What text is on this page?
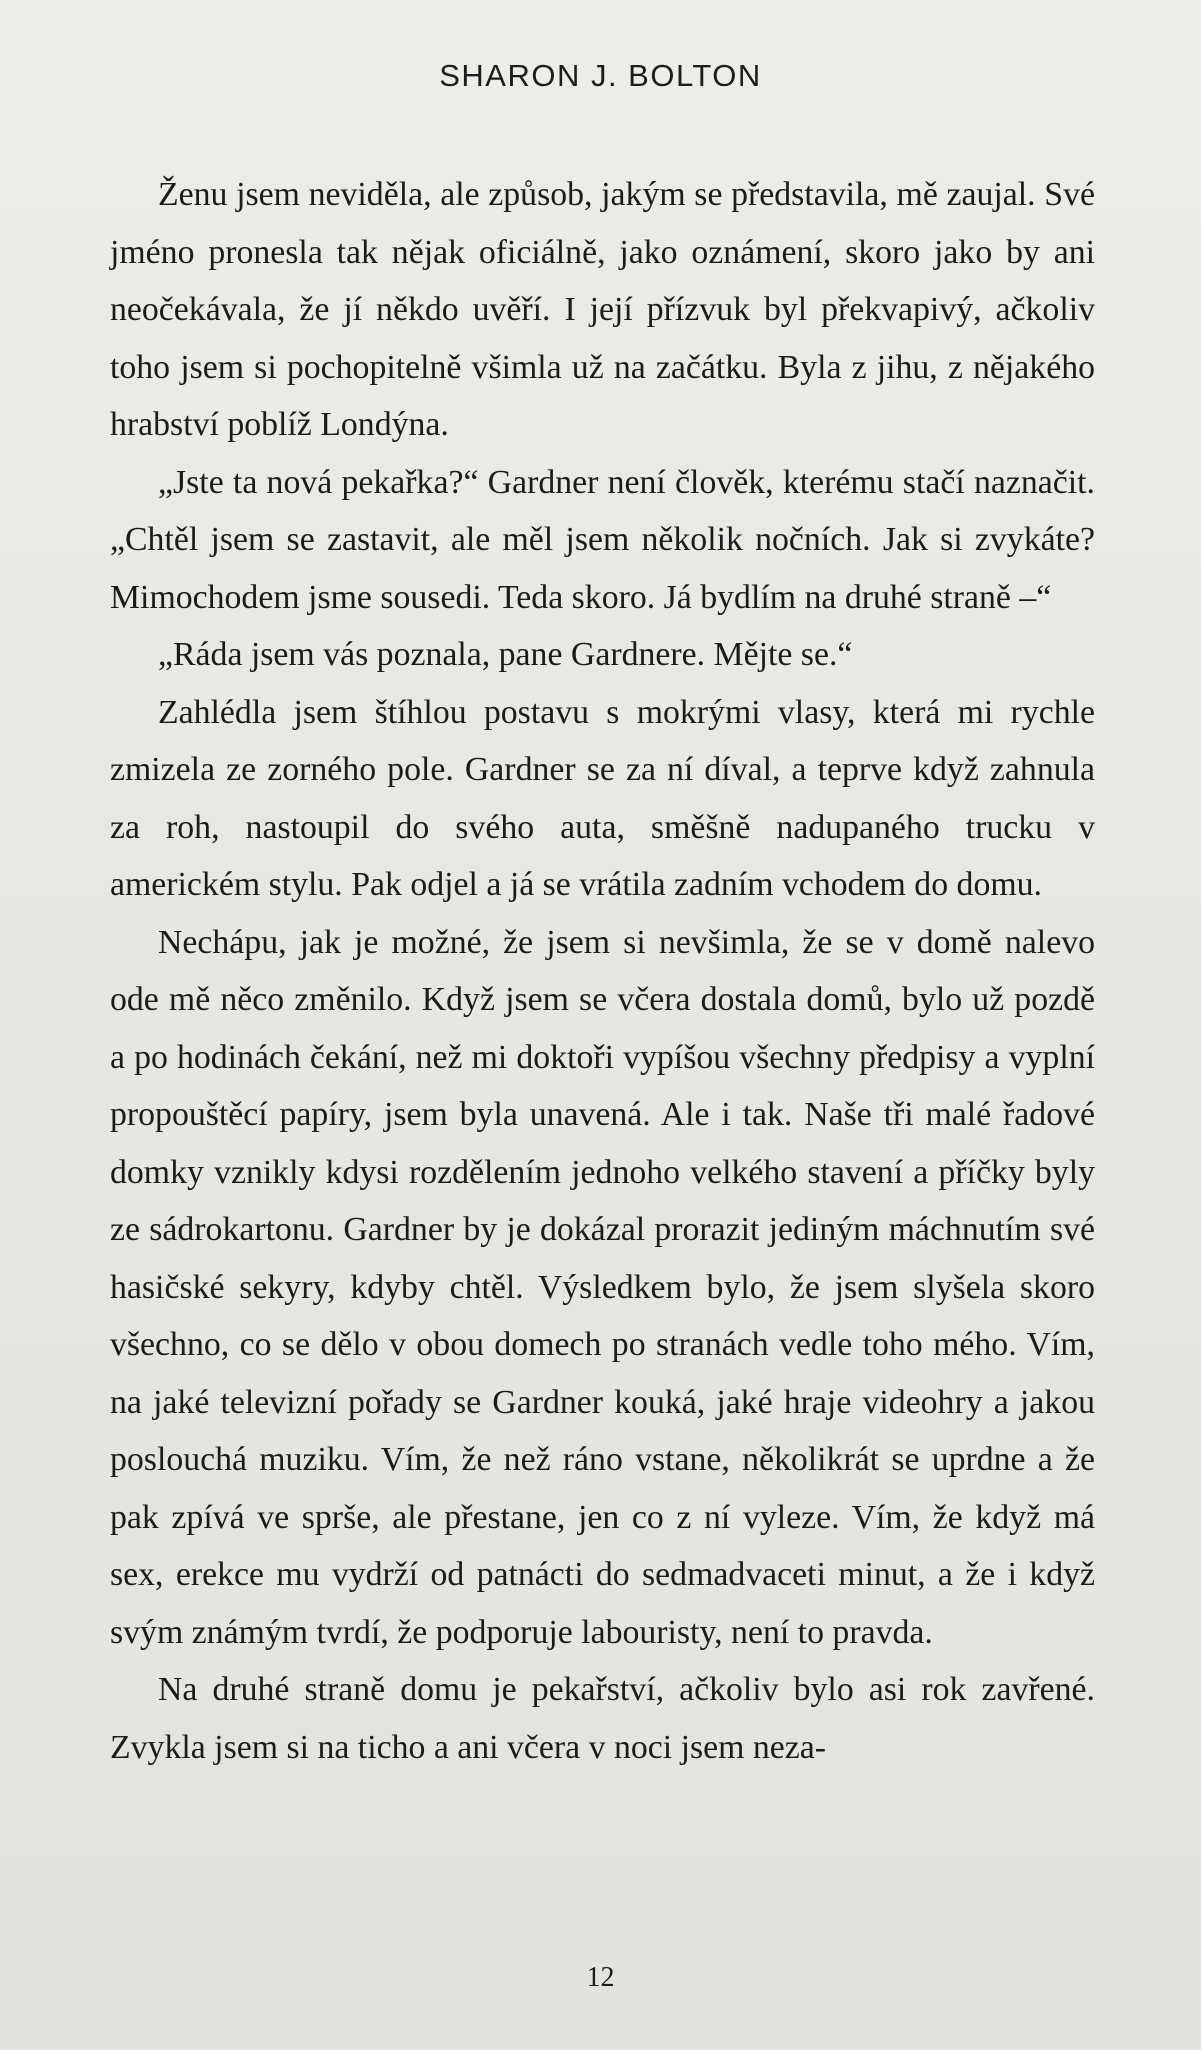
SHARON J. BOLTON

Ženu jsem neviděla, ale způsob, jakým se představila, mě zaujal. Své jméno pronesla tak nějak oficiálně, jako oznámení, skoro jako by ani neočekávala, že jí někdo uvěří. I její přízvuk byl překvapivý, ačkoliv toho jsem si pochopitelně všimla už na začátku. Byla z jihu, z nějakého hrabství poblíž Londýna.

„Jste ta nová pekařka?“ Gardner není člověk, kterému stačí naznačit. „Chtěl jsem se zastavit, ale měl jsem několik nočních. Jak si zvykáte? Mimochodem jsme sousedi. Teda skoro. Já bydlím na druhé straně –“

„Ráda jsem vás poznala, pane Gardnere. Mějte se.“

Zahlédla jsem štíhlou postavu s mokrými vlasy, která mi rychle zmizela ze zorného pole. Gardner se za ní díval, a teprve když zahnula za roh, nastoupil do svého auta, směšně nadupaného trucku v americkém stylu. Pak odjel a já se vrátila zadním vchodem do domu.

Nechápu, jak je možné, že jsem si nevšimla, že se v domě nalevo ode mě něco změnilo. Když jsem se včera dostala domů, bylo už pozdě a po hodinách čekání, než mi doktoři vypíšou všechny předpisy a vyplní propouštěcí papíry, jsem byla unavená. Ale i tak. Naše tři malé řadové domky vznikly kdysi rozdělením jednoho velkého stavení a příčky byly ze sádrokartonu. Gardner by je dokázal prorazit jediným máchnutím své hasičské sekyry, kdyby chtěl. Výsledkem bylo, že jsem slyšela skoro všechno, co se dělo v obou domech po stranách vedle toho mého. Vím, na jaké televizní pořady se Gardner kouká, jaké hraje videohry a jakou poslouchá muziku. Vím, že než ráno vstane, několikrát se uprdne a že pak zpívá ve sprše, ale přestane, jen co z ní vyleze. Vím, že když má sex, erekce mu vydrží od patnácti do sedmadvaceti minut, a že i když svým známým tvrdí, že podporuje labouristy, není to pravda.

Na druhé straně domu je pekařství, ačkoliv bylo asi rok zavřené. Zvykla jsem si na ticho a ani včera v noci jsem neza-

12
